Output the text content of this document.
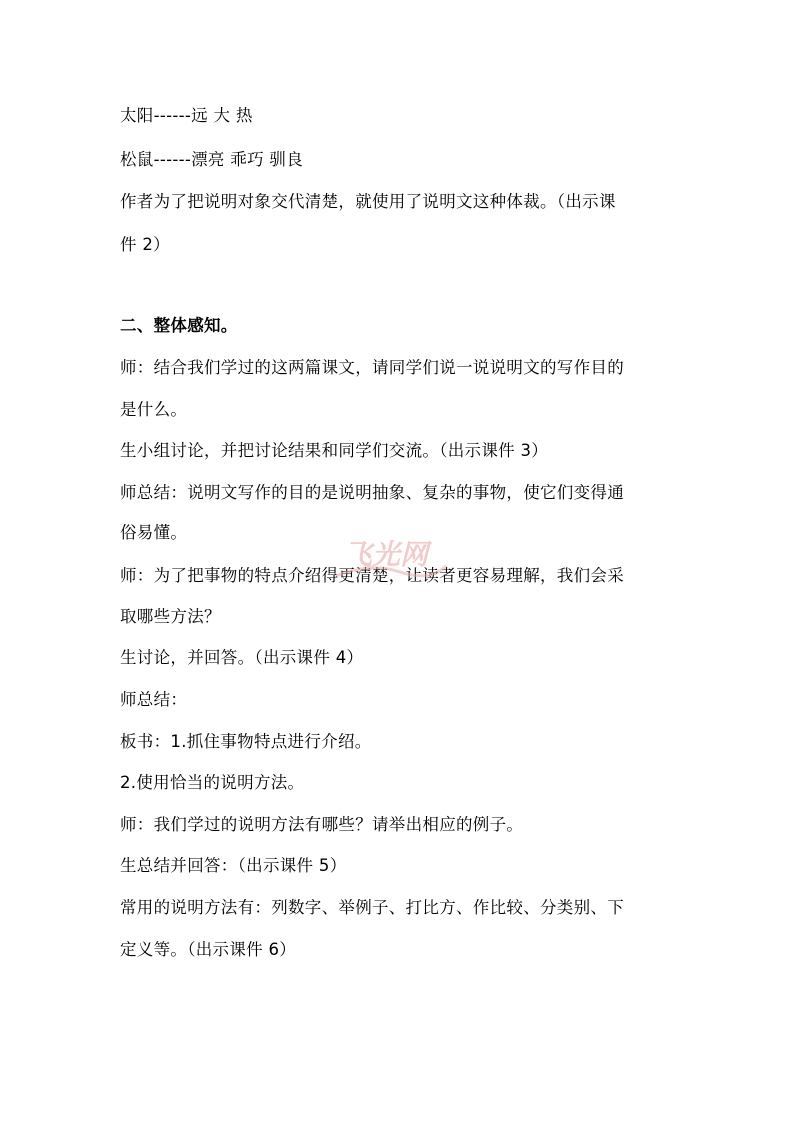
太阳------远 大 热
松鼠------漂亮 乖巧 驯良
作者为了把说明对象交代清楚，就使用了说明文这种体裁。（出示课
件 2）
二、整体感知。
师：结合我们学过的这两篇课文，请同学们说一说说明文的写作目的
是什么。
生小组讨论，并把讨论结果和同学们交流。（出示课件 3）
师总结：说明文写作的目的是说明抽象、复杂的事物，使它们变得通
俗易懂。
师：为了把事物的特点介绍得更清楚，让读者更容易理解，我们会采
取哪些方法？
生讨论，并回答。（出示课件 4）
师总结：
板书：1.抓住事物特点进行介绍。
2.使用恰当的说明方法。
师：我们学过的说明方法有哪些？请举出相应的例子。
生总结并回答：（出示课件 5）
常用的说明方法有：列数字、举例子、打比方、作比较、分类别、下
定义等。（出示课件 6）
飞光网
